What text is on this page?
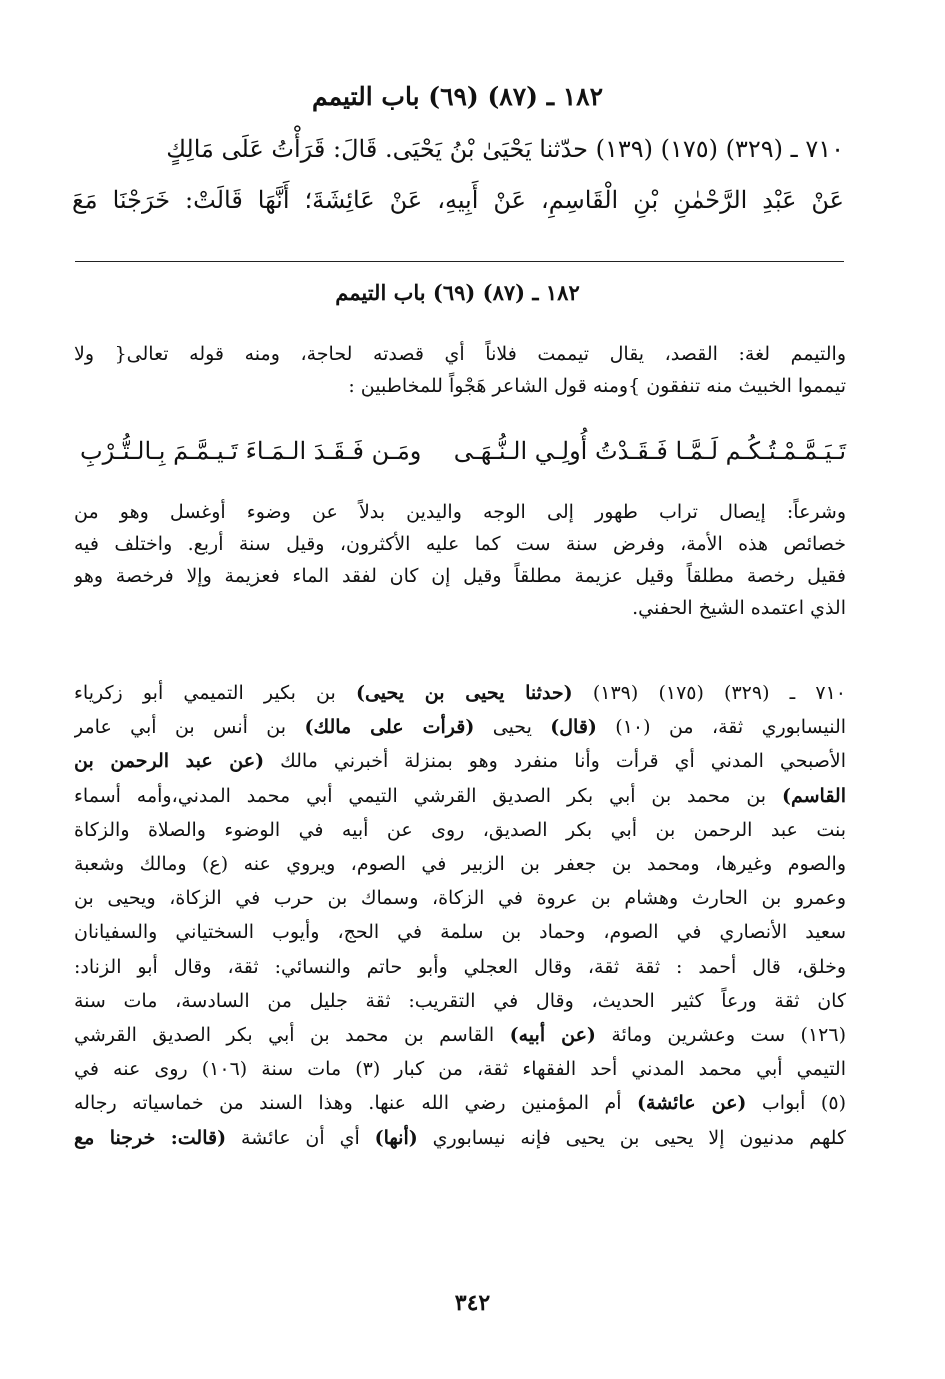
١٨٢ ـ (٨٧) (٦٩) باب التيمم
٧١٠ ـ (٣٢٩) (١٧٥) (١٣٩) حدّثنا يَحْيَىٰ بْنُ يَحْيَى. قَالَ: قَرَأْتُ عَلَى مَالِكٍ
عَنْ عَبْدِ الرَّحْمٰنِ بْنِ الْقَاسِمِ، عَنْ أَبِيهِ، عَنْ عَائِشَةَ؛ أَنَّهَا قَالَتْ: خَرَجْنَا مَعَ
١٨٢ ـ (٨٧) (٦٩) باب التيمم
والتيمم لغة: القصد، يقال تيممت فلاناً أي قصدته لحاجة، ومنه قوله تعالى{ ولا
تيمموا الخبيث منه تنفقون }ومنه قول الشاعر هَجْواً للمخاطبين :
تَـيَـمَّـمْـتُـكُـم لَـمَّـا فَـقَـدْتُ أُولِـي الـنُّـهَـى
ومَـن فَـقَـدَ الـمَـاءَ تَـيـمَّـمَ بِـالـتُّـرْبِ
وشرعاً: إيصال تراب طهور إلى الوجه واليدين بدلاً عن وضوء أوغسل وهو من
خصائص هذه الأمة، وفرض سنة ست كما عليه الأكثرون، وقيل سنة أربع. واختلف فيه
فقيل رخصة مطلقاً وقيل عزيمة مطلقاً وقيل إن كان لفقد الماء فعزيمة وإلا فرخصة وهو
الذي اعتمده الشيخ الحفني.
٧١٠ ـ (٣٢٩) (١٧٥) (١٣٩) (حدثنا يحيى بن يحيى) بن بكير التميمي أبو زكرياء
النيسابوري ثقة، من (١٠) (قال) يحيى (قرأت على مالك) بن أنس بن أبي عامر
الأصبحي المدني أي قرأت وأنا منفرد وهو بمنزلة أخبرني مالك (عن عبد الرحمن بن
القاسم) بن محمد بن أبي بكر الصديق القرشي التيمي أبي محمد المدني،وأمه أسماء
بنت عبد الرحمن بن أبي بكر الصديق، روى عن أبيه في الوضوء والصلاة والزكاة
والصوم وغيرها، ومحمد بن جعفر بن الزبير في الصوم، ويروي عنه (ع) ومالك وشعبة
وعمرو بن الحارث وهشام بن عروة في الزكاة، وسماك بن حرب في الزكاة، ويحيى بن
سعيد الأنصاري في الصوم، وحماد بن سلمة في الحج، وأيوب السختياني والسفيانان
وخلق، قال أحمد : ثقة ثقة، وقال العجلي وأبو حاتم والنسائي: ثقة، وقال أبو الزناد:
كان ثقة ورعاً كثير الحديث، وقال في التقريب: ثقة جليل من السادسة، مات سنة
(١٢٦) ست وعشرين ومائة (عن أبيه) القاسم بن محمد بن أبي بكر الصديق القرشي
التيمي أبي محمد المدني أحد الفقهاء ثقة، من كبار (٣) مات سنة (١٠٦) روى عنه في
(٥) أبواب (عن عائشة) أم المؤمنين رضي الله عنها. وهذا السند من خماسياته رجاله
كلهم مدنيون إلا يحيى بن يحيى فإنه نيسابوري (أنها) أي أن عائشة (قالت: خرجنا مع
٣٤٢
